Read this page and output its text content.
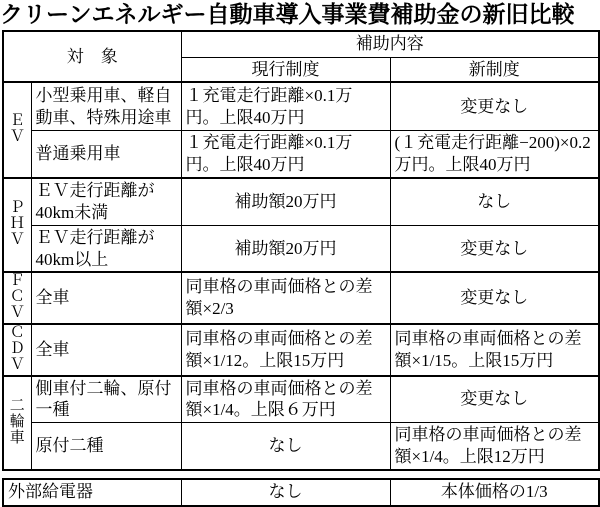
クリーンエネルギー自動車導入事業費補助金の新旧比較
対　象		補助内容	
		現行制度	新制度

ＥＶ	小型乗用車、軽自動車、特殊用途車	１充電走行距離×0.1万円。上限40万円	変更なし
	普通乗用車	１充電走行距離×0.1万円。上限40万円	(１充電走行距離−200)×0.2万円。上限40万円

ＰＨＶ	ＥＶ走行距離が40km未満	補助額20万円	なし
	ＥＶ走行距離が40km以上	補助額20万円	変更なし

ＦＣＶ	全車	同車格の車両価格との差額×2/3	変更なし

ＣＤＶ	全車	同車格の車両価格との差額×1/12。上限15万円	同車格の車両価格との差額×1/15。上限15万円

二輪車	側車付二輪、原付一種	同車格の車両価格との差額×1/4。上限６万円	変更なし
	原付二種	なし	同車格の車両価格との差額×1/4。上限12万円
外部給電器	なし	本体価格の1/3
